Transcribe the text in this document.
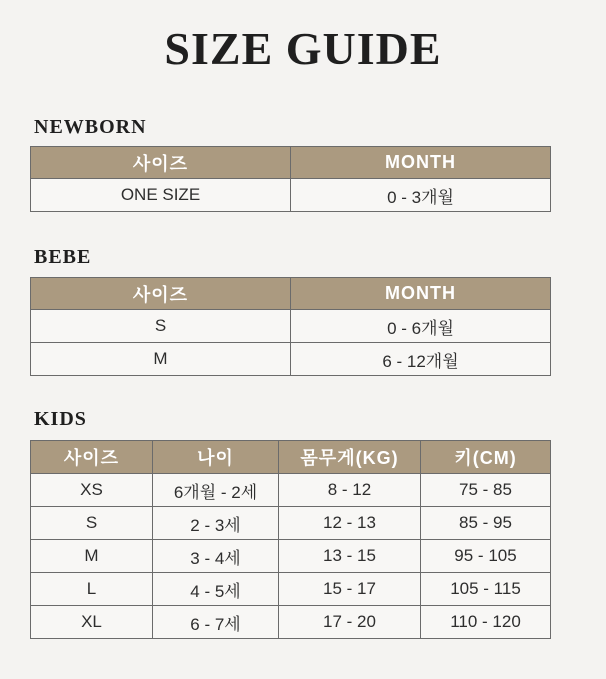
SIZE GUIDE
NEWBORN
사이즈	MONTH
ONE SIZE	0 - 3개월
BEBE
사이즈	MONTH
S	0 - 6개월
M	6 - 12개월
KIDS
사이즈	나이	몸무게(KG)	키(CM)
XS	6개월 - 2세	8 - 12	75 - 85
S	2 - 3세	12 - 13	85 - 95
M	3 - 4세	13 - 15	95 - 105
L	4 - 5세	15 - 17	105 - 115
XL	6 - 7세	17 - 20	110 - 120
